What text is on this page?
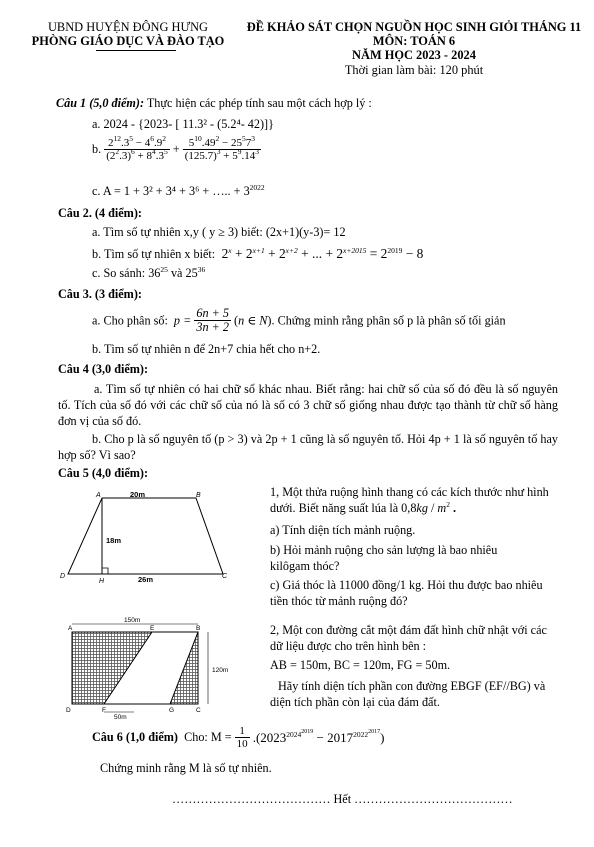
UBND HUYỆN ĐÔNG HƯNG
PHÒNG GIÁO DỤC VÀ ĐÀO TẠO
ĐỀ KHẢO SÁT CHỌN NGUỒN HỌC SINH GIỎI THÁNG 11
MÔN: TOÁN 6
NĂM HỌC 2023 - 2024
Thời gian làm bài: 120 phút
Câu 1 (5,0 điểm): Thực hiện các phép tính sau một cách hợp lý :
a. 2024 - {2023- [ 11.3² - (5.2⁴- 42)]}
b. $\frac{2^{12}.3^5 - 4^6.9^2}{(2^2.3)^6 + 8^4.3^5} + \frac{5^{10}.49^2 - 25^57^3}{(125.7)^3 + 5^9.14^3}$
c. A = 1 + 3² + 3⁴ + 3⁶ + ….. + $3^{2022}$
Câu 2. (4 điểm):
a. Tìm số tự nhiên x,y ( y ≥ 3) biết: (2x+1)(y-3)= 12
b. Tìm số tự nhiên x biết:  $2^x + 2^{x+1} + 2^{x+2}$ + ... + $2^{x+2015} = 2^{2019} - 8$
c. So sánh: $36^{25}$ và $25^{36}$
Câu 3. (3 điểm):
a. Cho phân số:  $p = \frac{6n + 5}{3n + 2} (n$ ∈ N). Chứng minh rằng phân số p là phân số tối giản
b. Tìm số tự nhiên n để 2n+7 chia hết cho n+2.
Câu 4 (3,0 điểm):
a. Tìm số tự nhiên có hai chữ số khác nhau. Biết rằng: hai chữ số của số đó đều là số nguyên tố. Tích của số đó với các chữ số của nó là số có 3 chữ số giống nhau được tạo thành từ chữ số hàng đơn vị của số đó.
b. Cho p là số nguyên tố (p > 3) và 2p + 1 cũng là số nguyên tố. Hỏi 4p + 1 là số nguyên tố hay hợp số? Vì sao?
Câu 5 (4,0 điểm):
A	B
C
D
H
20m
18m
26m
1, Một thửa ruộng hình thang có các kích thước như hình dưới. Biết năng suất lúa là $0,8kg / m^2$ .
a) Tính diện tích mảnh ruộng.
b) Hỏi mảnh ruộng cho sản lượng là bao nhiêu kilôgam thóc?
c) Giá thóc là 11000 đồng/1 kg. Hỏi thu được bao nhiêu tiền thóc từ mảnh ruộng đó?
150m
120m
50m
A	E	B
D	F	G	C
2, Một con đường cắt một đám đất hình chữ nhật với các dữ liệu được cho trên hình bên :
AB = 150m, BC = 120m, FG = 50m.
Hãy tính diện tích phần con đường EBGF (EF//BG) và diện tích phần còn lại của đám đất.
Câu 6 (1,0 điểm) Cho: $M = \frac{1}{10} .(2023^{2024^{2019}} - 2017^{2022^{2017}})$
Chứng minh rằng M là số tự nhiên.
………………………………… Hết …………………………………
